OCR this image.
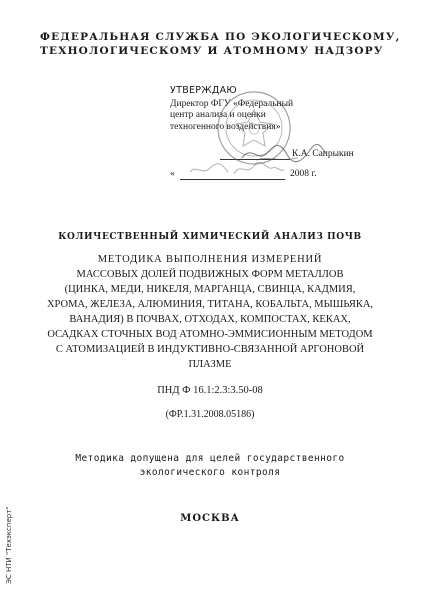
ФЕДЕРАЛЬНАЯ СЛУЖБА ПО ЭКОЛОГИЧЕСКОМУ,
ТЕХНОЛОГИЧЕСКОМУ И АТОМНОМУ НАДЗОРУ
УТВЕРЖДАЮ
Директор ФГУ «Федеральный
центр анализа и оценки
техногенного воздействия»
К.А. Сапрыкин
«	2008 г.
КОЛИЧЕСТВЕННЫЙ ХИМИЧЕСКИЙ АНАЛИЗ ПОЧВ
МЕТОДИКА ВЫПОЛНЕНИЯ ИЗМЕРЕНИЙ
МАССОВЫХ ДОЛЕЙ ПОДВИЖНЫХ ФОРМ МЕТАЛЛОВ
(ЦИНКА, МЕДИ, НИКЕЛЯ, МАРГАНЦА, СВИНЦА, КАДМИЯ,
ХРОМА, ЖЕЛЕЗА, АЛЮМИНИЯ, ТИТАНА, КОБАЛЬТА, МЫШЬЯКА,
ВАНАДИЯ) В ПОЧВАХ, ОТХОДАХ, КОМПОСТАХ, КЕКАХ,
ОСАДКАХ СТОЧНЫХ ВОД АТОМНО-ЭММИСИОННЫМ МЕТОДОМ
С АТОМИЗАЦИЕЙ В ИНДУКТИВНО-СВЯЗАННОЙ АРГОНОВОЙ
ПЛАЗМЕ
ПНД Ф 16.1:2.3:3.50-08
(ФР.1.31.2008.05186)
Методика допущена для целей государственного
экологического контроля
МОСКВА
ЭС НТИ "Техэксперт"
